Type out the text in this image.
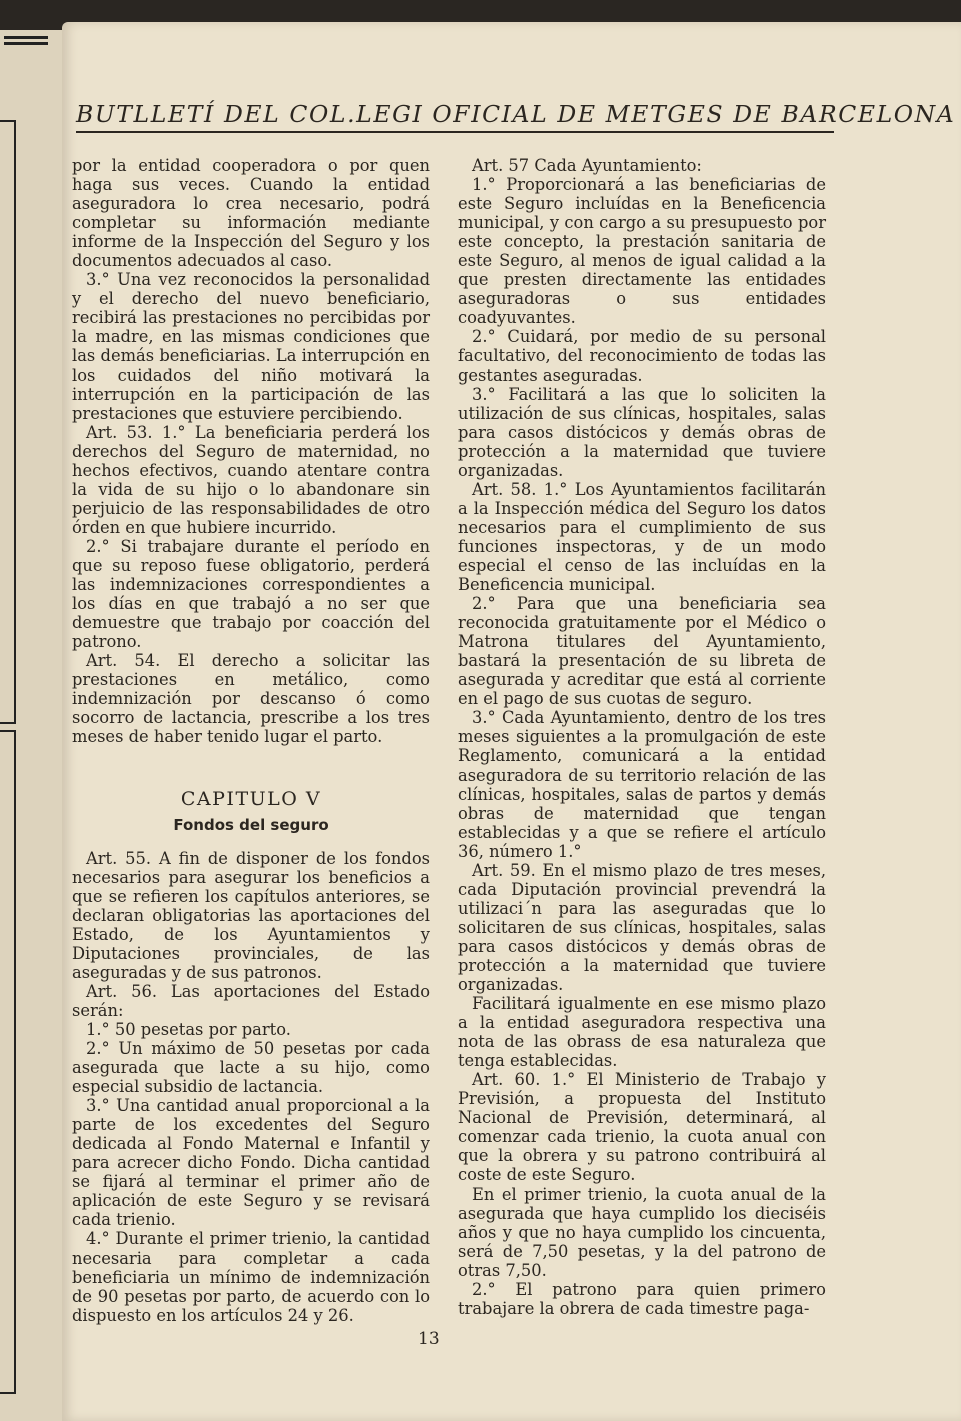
BUTLLETÍ DEL COL.LEGI OFICIAL DE METGES DE BARCELONA

por la entidad cooperadora o por quen haga sus veces. Cuando la entidad aseguradora lo crea necesario, podrá completar su información mediante informe de la Inspección del Seguro y los documentos adecuados al caso.

3.° Una vez reconocidos la personalidad y el derecho del nuevo beneficiario, recibirá las prestaciones no percibidas por la madre, en las mismas condiciones que las demás beneficiarias. La interrupción en los cuidados del niño motivará la interrupción en la participación de las prestaciones que estuviere percibiendo.

Art. 53. 1.° La beneficiaria perderá los derechos del Seguro de maternidad, no hechos efectivos, cuando atentare contra la vida de su hijo o lo abandonare sin perjuicio de las responsabilidades de otro órden en que hubiere incurrido.

2.° Si trabajare durante el período en que su reposo fuese obligatorio, perderá las indemnizaciones correspondientes a los días en que trabajó a no ser que demuestre que trabajo por coacción del patrono.

Art. 54. El derecho a solicitar las prestaciones en metálico, como indemnización por descanso ó como socorro de lactancia, prescribe a los tres meses de haber tenido lugar el parto.

CAPITULO V
Fondos del seguro

Art. 55. A fin de disponer de los fondos necesarios para asegurar los beneficios a que se refieren los capítulos anteriores, se declaran obligatorias las aportaciones del Estado, de los Ayuntamientos y Diputaciones provinciales, de las aseguradas y de sus patronos.

Art. 56. Las aportaciones del Estado serán:

1.° 50 pesetas por parto.

2.° Un máximo de 50 pesetas por cada asegurada que lacte a su hijo, como especial subsidio de lactancia.

3.° Una cantidad anual proporcional a la parte de los excedentes del Seguro dedicada al Fondo Maternal e Infantil y para acrecer dicho Fondo. Dicha cantidad se fijará al terminar el primer año de aplicación de este Seguro y se revisará cada trienio.

4.° Durante el primer trienio, la cantidad necesaria para completar a cada beneficiaria un mínimo de indemnización de 90 pesetas por parto, de acuerdo con lo dispuesto en los artículos 24 y 26.

Art. 57 Cada Ayuntamiento:

1.° Proporcionará a las beneficiarias de este Seguro incluídas en la Beneficencia municipal, y con cargo a su presupuesto por este concepto, la prestación sanitaria de este Seguro, al menos de igual calidad a la que presten directamente las entidades aseguradoras o sus entidades coadyuvantes.

2.° Cuidará, por medio de su personal facultativo, del reconocimiento de todas las gestantes aseguradas.

3.° Facilitará a las que lo soliciten la utilización de sus clínicas, hospitales, salas para casos distócicos y demás obras de protección a la maternidad que tuviere organizadas.

Art. 58. 1.° Los Ayuntamientos facilitarán a la Inspección médica del Seguro los datos necesarios para el cumplimiento de sus funciones inspectoras, y de un modo especial el censo de las incluídas en la Beneficencia municipal.

2.° Para que una beneficiaria sea reconocida gratuitamente por el Médico o Matrona titulares del Ayuntamiento, bastará la presentación de su libreta de asegurada y acreditar que está al corriente en el pago de sus cuotas de seguro.

3.° Cada Ayuntamiento, dentro de los tres meses siguientes a la promulgación de este Reglamento, comunicará a la entidad aseguradora de su territorio relación de las clínicas, hospitales, salas de partos y demás obras de maternidad que tengan establecidas y a que se refiere el artículo 36, número 1.°

Art. 59. En el mismo plazo de tres meses, cada Diputación provincial prevendrá la utilizaci´n para las aseguradas que lo solicitaren de sus clínicas, hospitales, salas para casos distócicos y demás obras de protección a la maternidad que tuviere organizadas.

Facilitará igualmente en ese mismo plazo a la entidad aseguradora respectiva una nota de las obrass de esa naturaleza que tenga establecidas.

Art. 60. 1.° El Ministerio de Trabajo y Previsión, a propuesta del Instituto Nacional de Previsión, determinará, al comenzar cada trienio, la cuota anual con que la obrera y su patrono contribuirá al coste de este Seguro.

En el primer trienio, la cuota anual de la asegurada que haya cumplido los dieciséis años y que no haya cumplido los cincuenta, será de 7,50 pesetas, y la del patrono de otras 7,50.

2.° El patrono para quien primero trabajare la obrera de cada timestre paga-

13
